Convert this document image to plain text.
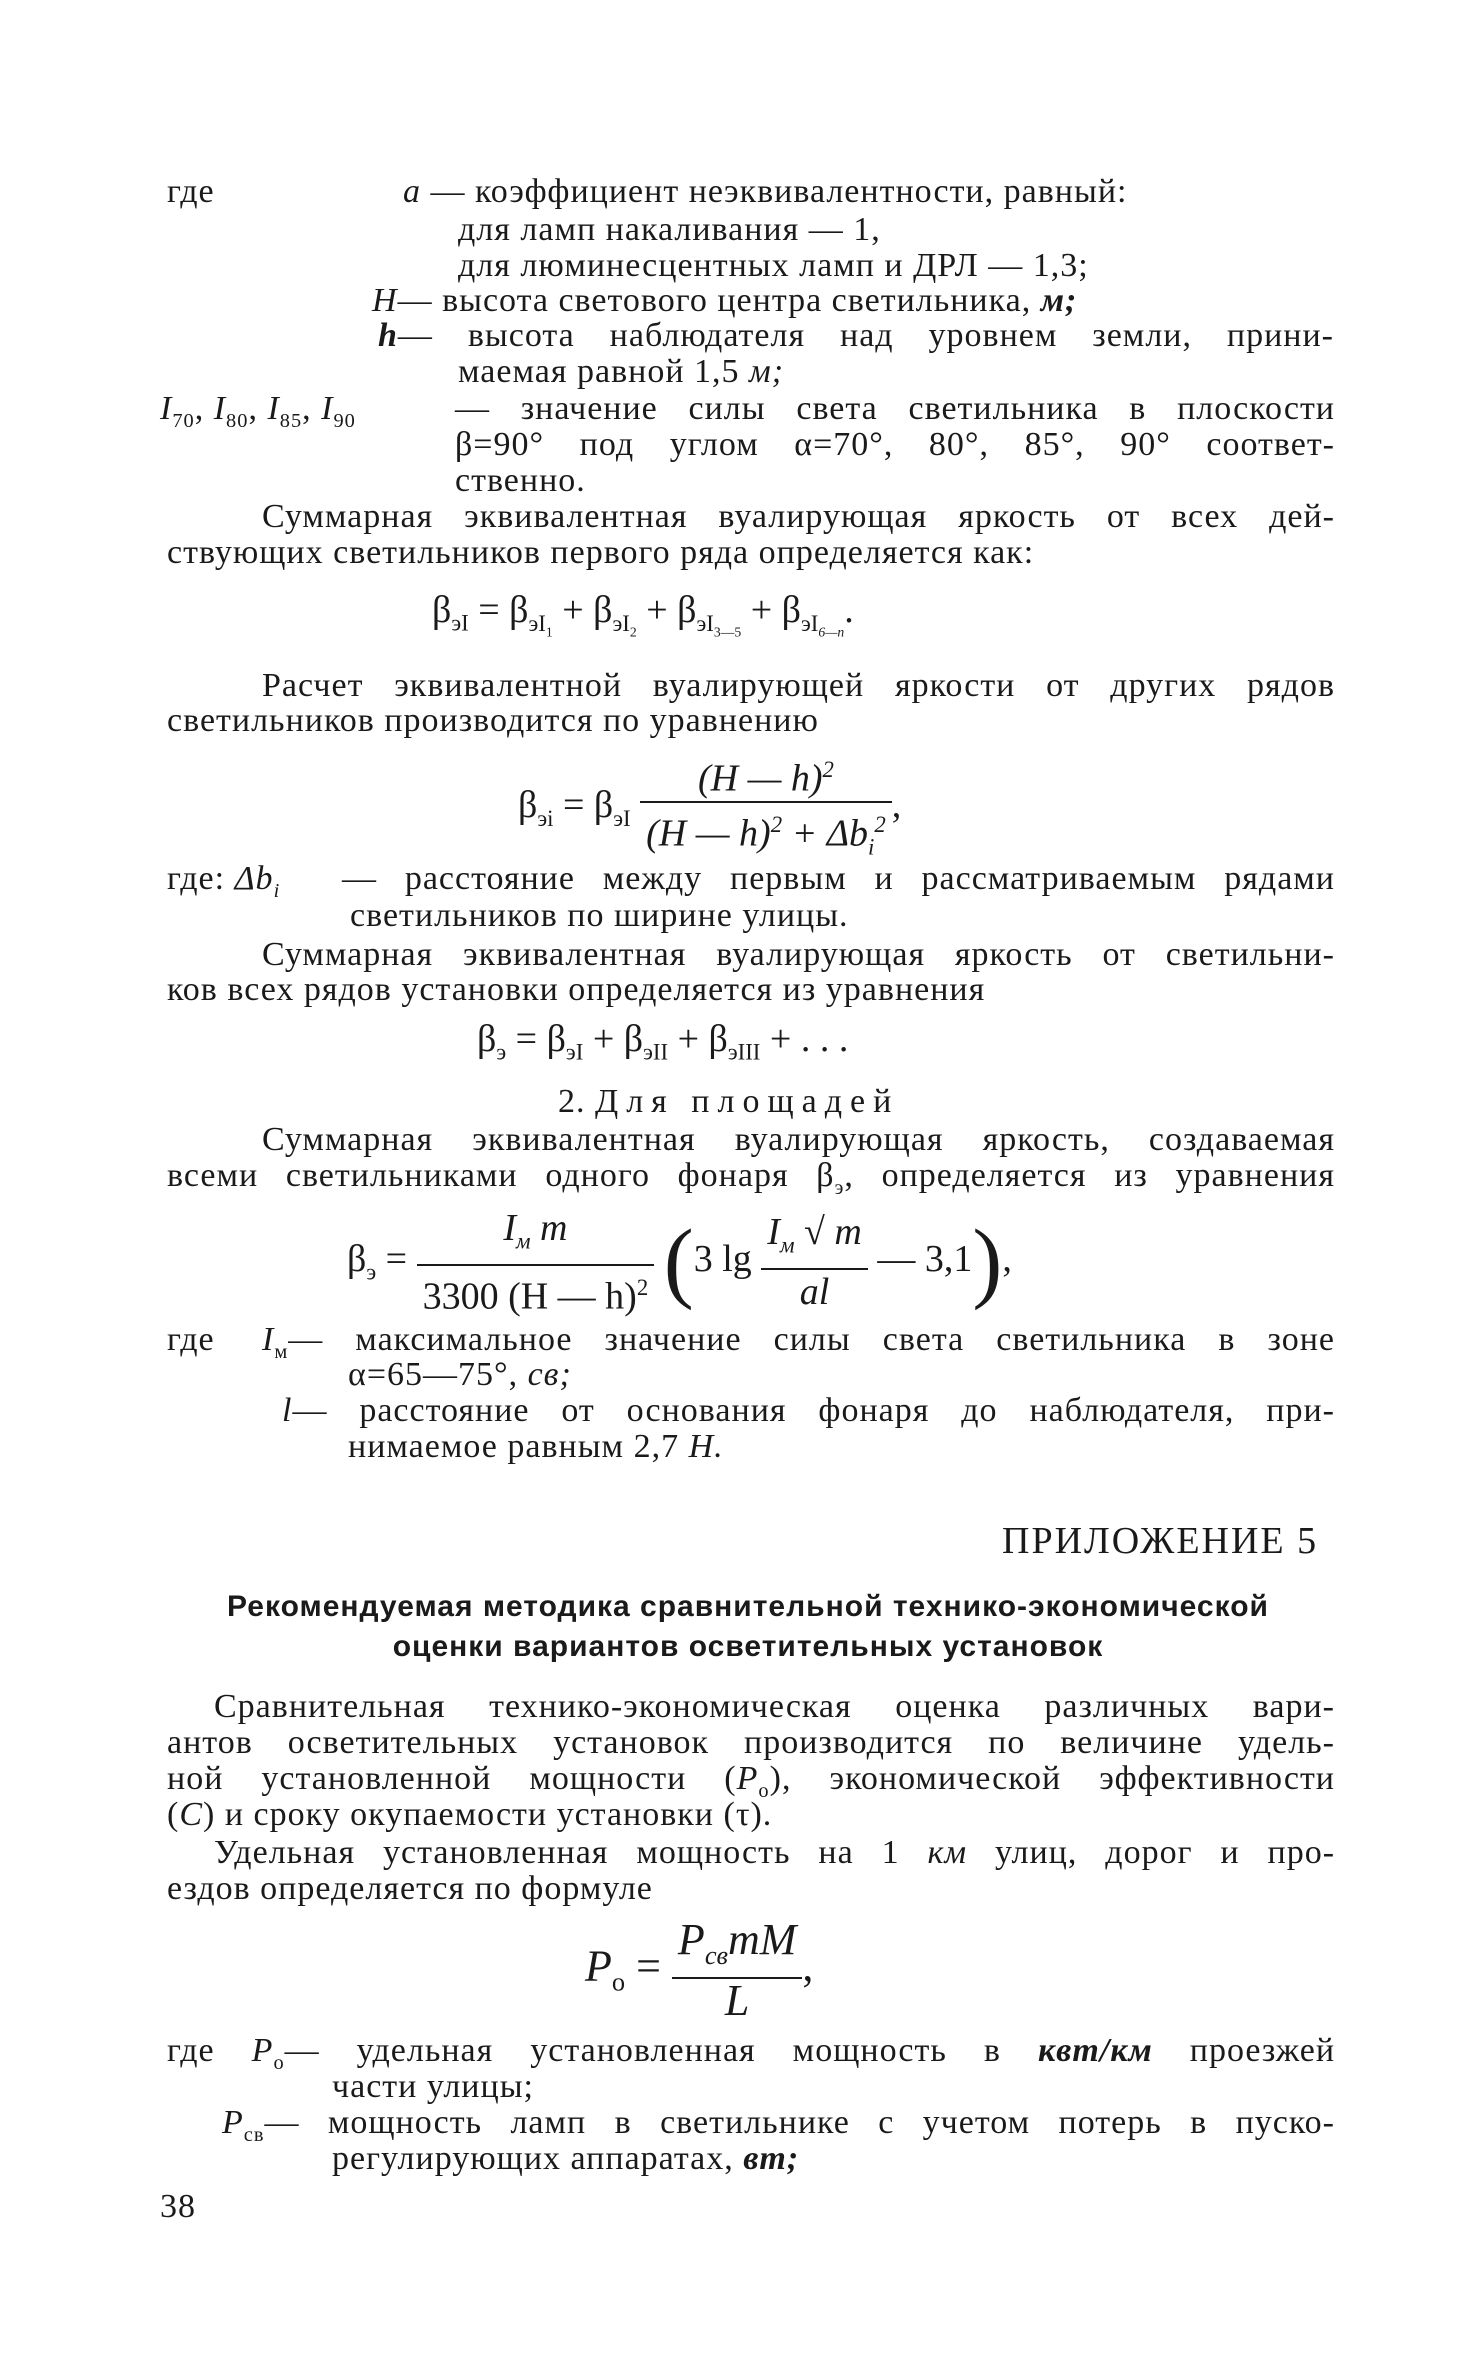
где	a — коэффициент неэквивалентности, равный:
для ламп накаливания — 1,
для люминесцентных ламп и ДРЛ — 1,3;
H— высота светового центра светильника, м;
h— высота наблюдателя над уровнем земли, прини-
маемая равной 1,5 м;
$I_{70}$, $I_{80}$, $I_{85}$, $I_{90}$	— значение силы света светильника в плоскости
β=90° под углом α=70°, 80°, 85°, 90° соответ-
ственно.
Суммарная эквивалентная вуалирующая яркость от всех дей-
ствующих светильников первого ряда определяется как:
$\beta_{эI} = \beta_{эI_1} + \beta_{эI_2} + \beta_{эI_{3—5}} + \beta_{эI_{6—n}}$.
Расчет эквивалентной вуалирующей яркости от других рядов
светильников производится по уравнению
$\beta_{эi} = \beta_{эI} \frac{(H — h)^2}{(H — h)^2 + \Delta b_i^2}$ ,
где: $\Delta b_i$ — расстояние между первым и рассматриваемым рядами
светильников по ширине улицы.
Суммарная эквивалентная вуалирующая яркость от светильни-
ков всех рядов установки определяется из уравнения
$\beta_э = \beta_{эI} + \beta_{эII} + \beta_{эIII}$ + . . .
2. Для площадей
Суммарная эквивалентная вуалирующая яркость, создаваемая
всеми светильниками одного фонаря $\beta_э$, определяется из уравнения
$\beta_э = \frac{I_м m}{3300 (H — h)^2} (3$ $\lg \frac{I_м √ m}{al}$ — 3,1),
где $I_м—$ максимальное значение силы света светильника в зоне
α=65—75°, св;
l— расстояние от основания фонаря до наблюдателя, при-
нимаемое равным 2,7 H.
ПРИЛОЖЕНИЕ 5
Рекомендуемая методика сравнительной технико-экономической
оценки вариантов осветительных установок
Сравнительная технико-экономическая оценка различных вари-
антов осветительных установок производится по величине удель-
ной установленной мощности $(P_о)$, экономической эффективности
(C) и сроку окупаемости установки (τ).
Удельная установленная мощность на 1 км улиц, дорог и про-
ездов определяется по формуле
$P_о = \frac{P_{св}mM}{L}$ ,
где $P_о—$ удельная установленная мощность в квт/км проезжей
части улицы;
$P_{св}—$ мощность ламп в светильнике с учетом потерь в пуско-
регулирующих аппаратах, вт;
38
